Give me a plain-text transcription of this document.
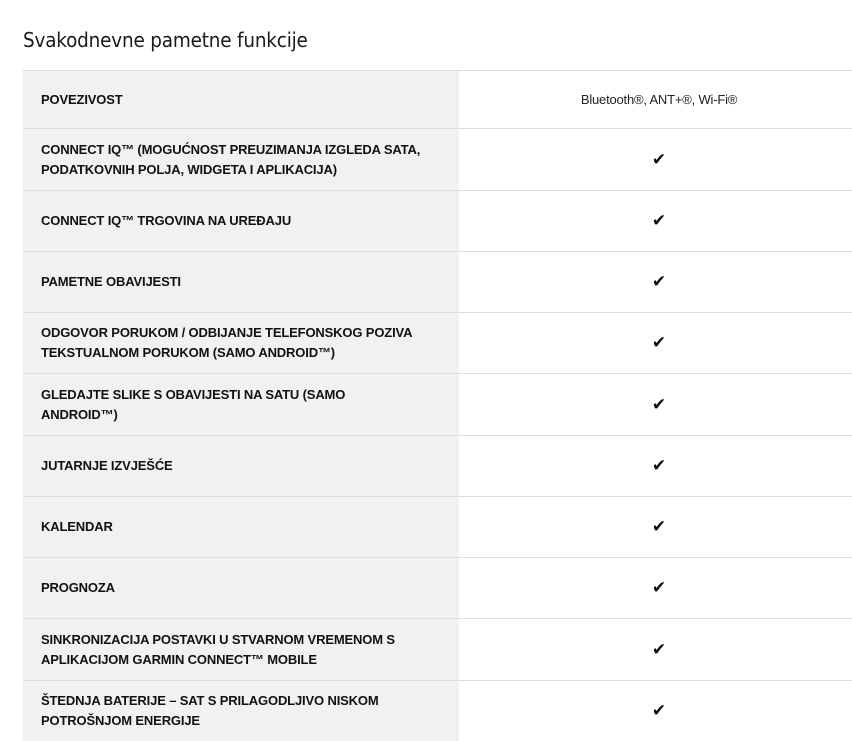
Svakodnevne pametne funkcije
POVEZIVOST	Bluetooth®, ANT+®, Wi-Fi®

CONNECT IQ™ (MOGUĆNOST PREUZIMANJA IZGLEDA SATA,
PODATKOVNIH POLJA, WIDGETA I APLIKACIJA)	✔
CONNECT IQ™ TRGOVINA NA UREĐAJU	✔
PAMETNE OBAVIJESTI	✔

ODGOVOR PORUKOM / ODBIJANJE TELEFONSKOG POZIVA
TEKSTUALNOM PORUKOM (SAMO ANDROID™)	✔

GLEDAJTE SLIKE S OBAVIJESTI NA SATU (SAMO
ANDROID™)	✔
JUTARNJE IZVJEŠĆE	✔
KALENDAR	✔
PROGNOZA	✔

SINKRONIZACIJA POSTAVKI U STVARNOM VREMENOM S
APLIKACIJOM GARMIN CONNECT™ MOBILE	✔

ŠTEDNJA BATERIJE – SAT S PRILAGODLJIVO NISKOM
POTROŠNJOM ENERGIJE	✔
